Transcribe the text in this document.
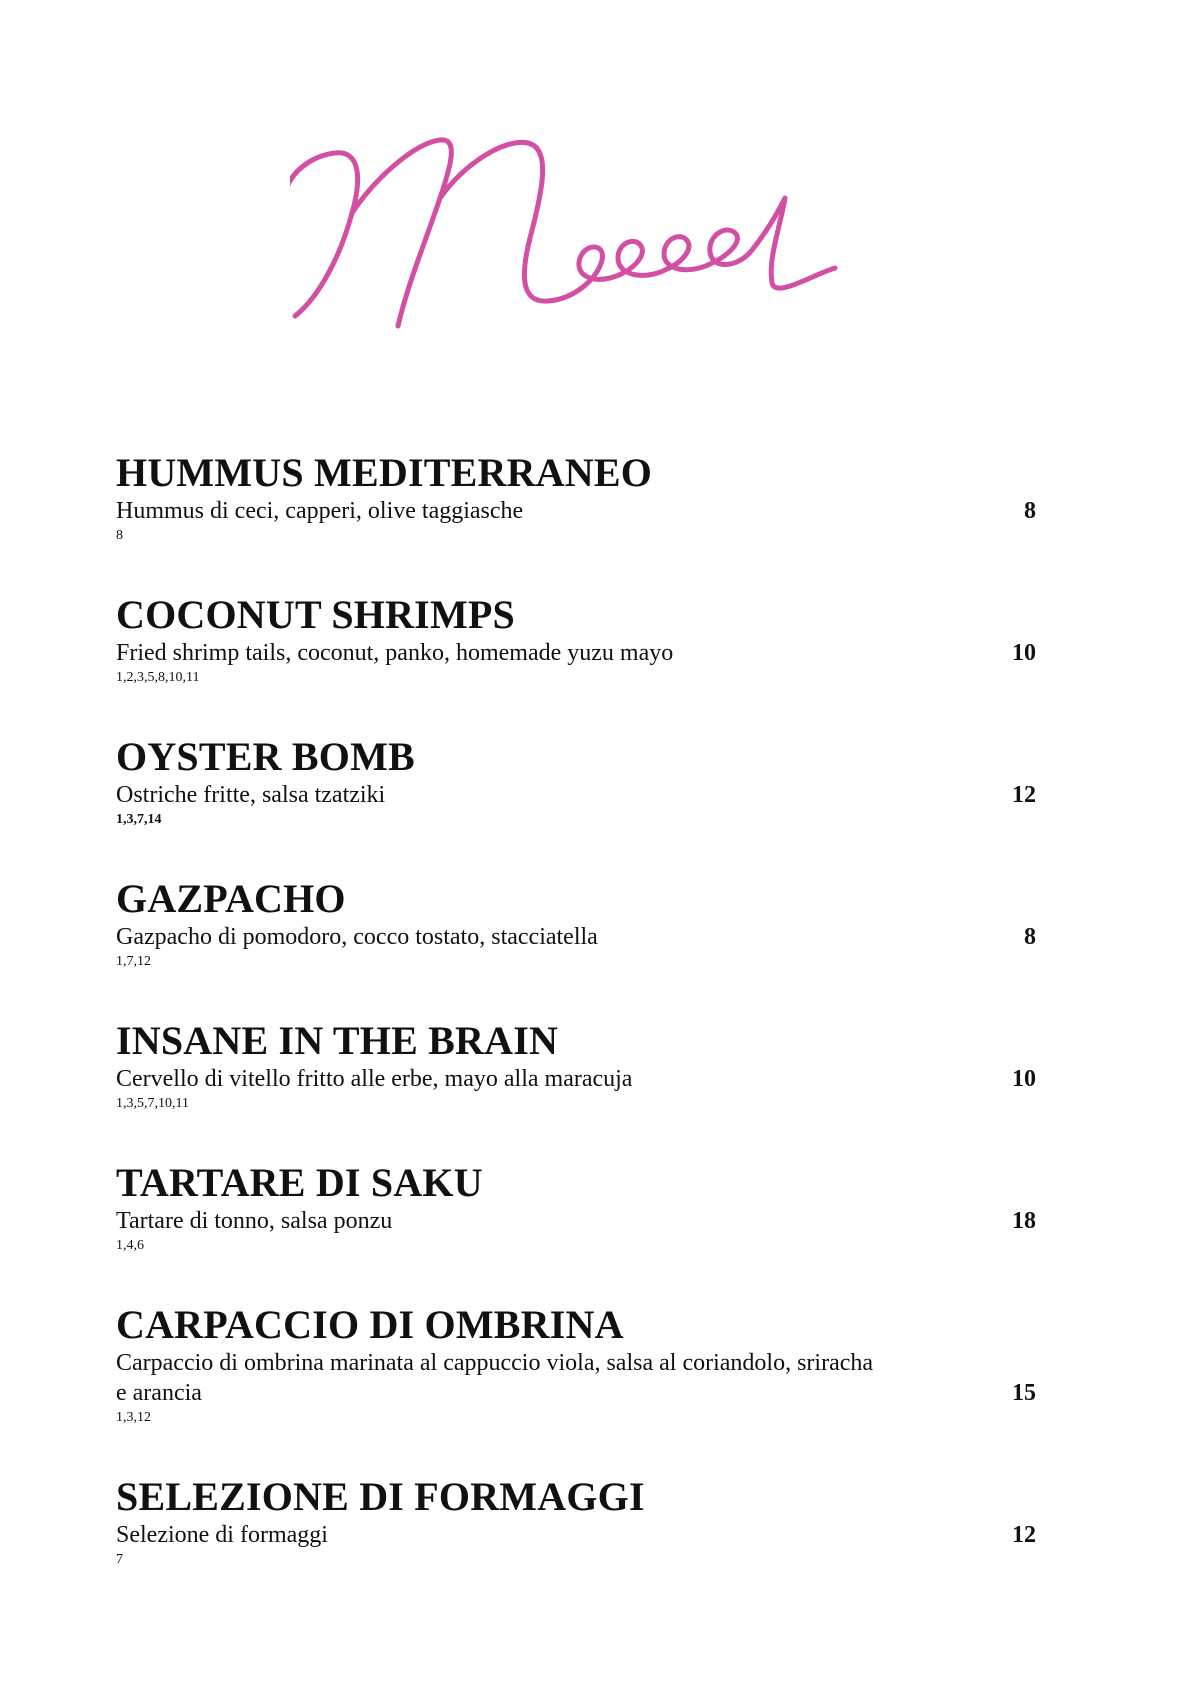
HUMMUS MEDITERRANEO
Hummus di ceci, capperi, olive taggiasche	8
8
COCONUT SHRIMPS
Fried shrimp tails, coconut, panko, homemade yuzu mayo	10
1,2,3,5,8,10,11
OYSTER BOMB
Ostriche fritte, salsa tzatziki	12
1,3,7,14
GAZPACHO
Gazpacho di pomodoro, cocco tostato, stacciatella	8
1,7,12
INSANE IN THE BRAIN
Cervello di vitello fritto alle erbe, mayo alla maracuja	10
1,3,5,7,10,11
TARTARE DI SAKU
Tartare di tonno, salsa ponzu	18
1,4,6
CARPACCIO DI OMBRINA
Carpaccio di ombrina marinata al cappuccio viola, salsa al coriandolo, sriracha e arancia	15
1,3,12
SELEZIONE DI FORMAGGI
Selezione di formaggi	12
7
